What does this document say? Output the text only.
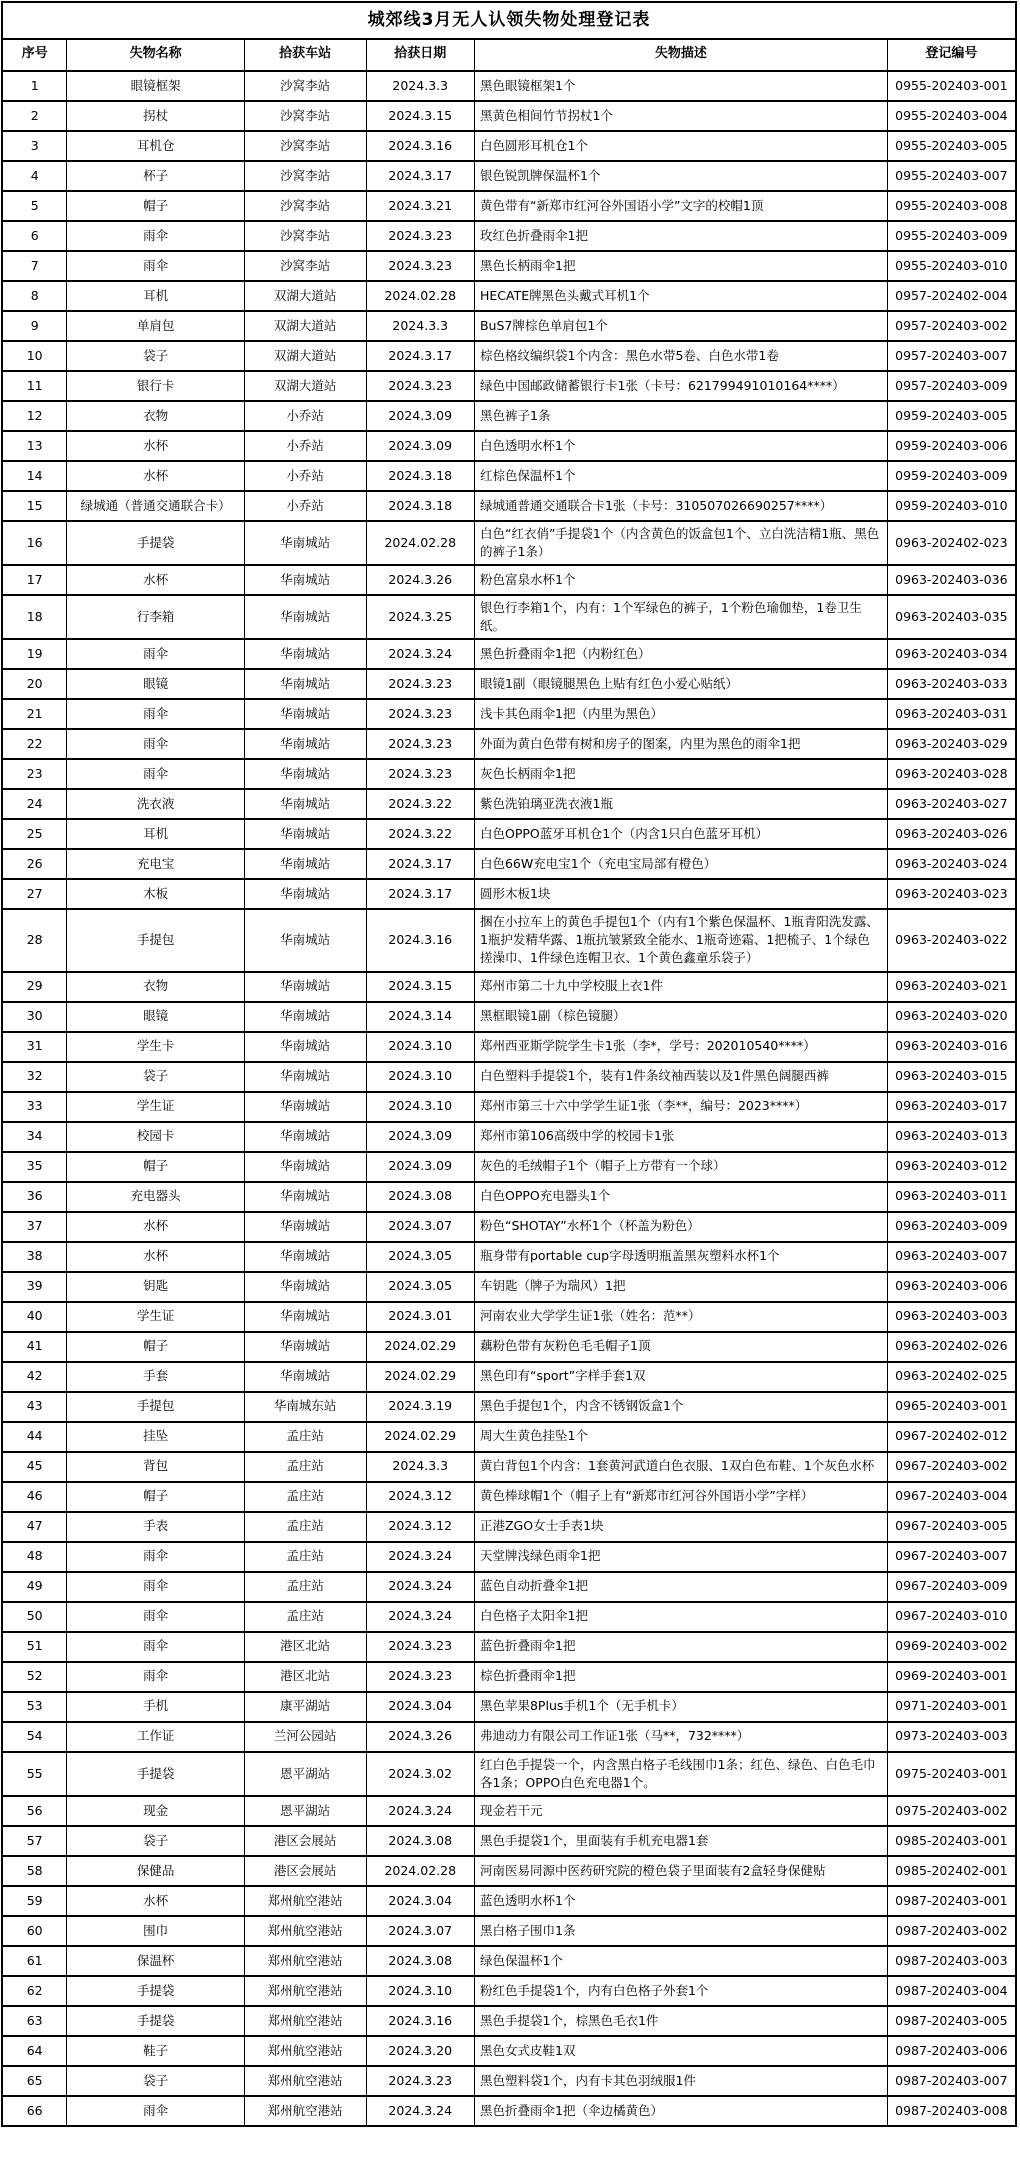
城郊线3月无人认领失物处理登记表					
序号	失物名称	拾获车站	拾获日期	失物描述	登记编号
1	眼镜框架	沙窝李站	2024.3.3	黑色眼镜框架1个	0955-202403-001
2	拐杖	沙窝李站	2024.3.15	黑黄色相间竹节拐杖1个	0955-202403-004
3	耳机仓	沙窝李站	2024.3.16	白色圆形耳机仓1个	0955-202403-005
4	杯子	沙窝李站	2024.3.17	银色锐凯牌保温杯1个	0955-202403-007
5	帽子	沙窝李站	2024.3.21	黄色带有“新郑市红河谷外国语小学”文字的校帽1顶	0955-202403-008
6	雨伞	沙窝李站	2024.3.23	玫红色折叠雨伞1把	0955-202403-009
7	雨伞	沙窝李站	2024.3.23	黑色长柄雨伞1把	0955-202403-010
8	耳机	双湖大道站	2024.02.28	HECATE牌黑色头戴式耳机1个	0957-202402-004
9	单肩包	双湖大道站	2024.3.3	BuS7牌棕色单肩包1个	0957-202403-002
10	袋子	双湖大道站	2024.3.17	棕色格纹编织袋1个内含：黑色水带5卷、白色水带1卷	0957-202403-007
11	银行卡	双湖大道站	2024.3.23	绿色中国邮政储蓄银行卡1张（卡号：621799491010164****）	0957-202403-009
12	衣物	小乔站	2024.3.09	黑色裤子1条	0959-202403-005
13	水杯	小乔站	2024.3.09	白色透明水杯1个	0959-202403-006
14	水杯	小乔站	2024.3.18	红棕色保温杯1个	0959-202403-009
15	绿城通（普通交通联合卡）	小乔站	2024.3.18	绿城通普通交通联合卡1张（卡号：310507026690257****）	0959-202403-010
16	手提袋	华南城站	2024.02.28	白色“红衣俏”手提袋1个（内含黄色的饭盒包1个、立白洗洁精1瓶、黑色的裤子1条）	0963-202402-023
17	水杯	华南城站	2024.3.26	粉色富泉水杯1个	0963-202403-036
18	行李箱	华南城站	2024.3.25	银色行李箱1个，内有：1个军绿色的裤子，1个粉色瑜伽垫，1卷卫生纸。	0963-202403-035
19	雨伞	华南城站	2024.3.24	黑色折叠雨伞1把（内粉红色）	0963-202403-034
20	眼镜	华南城站	2024.3.23	眼镜1副（眼镜腿黑色上贴有红色小爱心贴纸）	0963-202403-033
21	雨伞	华南城站	2024.3.23	浅卡其色雨伞1把（内里为黑色）	0963-202403-031
22	雨伞	华南城站	2024.3.23	外面为黄白色带有树和房子的图案，内里为黑色的雨伞1把	0963-202403-029
23	雨伞	华南城站	2024.3.23	灰色长柄雨伞1把	0963-202403-028
24	洗衣液	华南城站	2024.3.22	紫色洗铂璃亚洗衣液1瓶	0963-202403-027
25	耳机	华南城站	2024.3.22	白色OPPO蓝牙耳机仓1个（内含1只白色蓝牙耳机）	0963-202403-026
26	充电宝	华南城站	2024.3.17	白色66W充电宝1个（充电宝局部有橙色）	0963-202403-024
27	木板	华南城站	2024.3.17	圆形木板1块	0963-202403-023
28	手提包	华南城站	2024.3.16	捆在小拉车上的黄色手提包1个（内有1个紫色保温杯、1瓶青阳洗发露、1瓶护发精华露、1瓶抗皱紧致全能水、1瓶奇迹霜、1把梳子、1个绿色搓澡巾、1件绿色连帽卫衣、1个黄色鑫童乐袋子）	0963-202403-022
29	衣物	华南城站	2024.3.15	郑州市第二十九中学校服上衣1件	0963-202403-021
30	眼镜	华南城站	2024.3.14	黑框眼镜1副（棕色镜腿）	0963-202403-020
31	学生卡	华南城站	2024.3.10	郑州西亚斯学院学生卡1张（李*，学号：202010540****）	0963-202403-016
32	袋子	华南城站	2024.3.10	白色塑料手提袋1个，装有1件条纹袖西装以及1件黑色阔腿西裤	0963-202403-015
33	学生证	华南城站	2024.3.10	郑州市第三十六中学学生证1张（李**，编号：2023****）	0963-202403-017
34	校园卡	华南城站	2024.3.09	郑州市第106高级中学的校园卡1张	0963-202403-013
35	帽子	华南城站	2024.3.09	灰色的毛绒帽子1个（帽子上方带有一个球）	0963-202403-012
36	充电器头	华南城站	2024.3.08	白色OPPO充电器头1个	0963-202403-011
37	水杯	华南城站	2024.3.07	粉色“SHOTAY”水杯1个（杯盖为粉色）	0963-202403-009
38	水杯	华南城站	2024.3.05	瓶身带有portable cup字母透明瓶盖黑灰塑料水杯1个	0963-202403-007
39	钥匙	华南城站	2024.3.05	车钥匙（牌子为瑞风）1把	0963-202403-006
40	学生证	华南城站	2024.3.01	河南农业大学学生证1张（姓名：范**）	0963-202403-003
41	帽子	华南城站	2024.02.29	藕粉色带有灰粉色毛毛帽子1顶	0963-202402-026
42	手套	华南城站	2024.02.29	黑色印有“sport”字样手套1双	0963-202402-025
43	手提包	华南城东站	2024.3.19	黑色手提包1个，内含不锈钢饭盒1个	0965-202403-001
44	挂坠	孟庄站	2024.02.29	周大生黄色挂坠1个	0967-202402-012
45	背包	孟庄站	2024.3.3	黄白背包1个内含：1套黄河武道白色衣服、1双白色布鞋、1个灰色水杯	0967-202403-002
46	帽子	孟庄站	2024.3.12	黄色棒球帽1个（帽子上有“新郑市红河谷外国语小学”字样）	0967-202403-004
47	手表	孟庄站	2024.3.12	正港ZGO女士手表1块	0967-202403-005
48	雨伞	孟庄站	2024.3.24	天堂牌浅绿色雨伞1把	0967-202403-007
49	雨伞	孟庄站	2024.3.24	蓝色自动折叠伞1把	0967-202403-009
50	雨伞	孟庄站	2024.3.24	白色格子太阳伞1把	0967-202403-010
51	雨伞	港区北站	2024.3.23	蓝色折叠雨伞1把	0969-202403-002
52	雨伞	港区北站	2024.3.23	棕色折叠雨伞1把	0969-202403-001
53	手机	康平湖站	2024.3.04	黑色苹果8Plus手机1个（无手机卡）	0971-202403-001
54	工作证	兰河公园站	2024.3.26	弗迪动力有限公司工作证1张（马**，732****）	0973-202403-003
55	手提袋	恩平湖站	2024.3.02	红白色手提袋一个，内含黑白格子毛线围巾1条；红色、绿色、白色毛巾各1条；OPPO白色充电器1个。	0975-202403-001
56	现金	恩平湖站	2024.3.24	现金若干元	0975-202403-002
57	袋子	港区会展站	2024.3.08	黑色手提袋1个，里面装有手机充电器1套	0985-202403-001
58	保健品	港区会展站	2024.02.28	河南医易同源中医药研究院的橙色袋子里面装有2盒轻身保健贴	0985-202402-001
59	水杯	郑州航空港站	2024.3.04	蓝色透明水杯1个	0987-202403-001
60	围巾	郑州航空港站	2024.3.07	黑白格子围巾1条	0987-202403-002
61	保温杯	郑州航空港站	2024.3.08	绿色保温杯1个	0987-202403-003
62	手提袋	郑州航空港站	2024.3.10	粉红色手提袋1个，内有白色格子外套1个	0987-202403-004
63	手提袋	郑州航空港站	2024.3.16	黑色手提袋1个，棕黑色毛衣1件	0987-202403-005
64	鞋子	郑州航空港站	2024.3.20	黑色女式皮鞋1双	0987-202403-006
65	袋子	郑州航空港站	2024.3.23	黑色塑料袋1个，内有卡其色羽绒服1件	0987-202403-007
66	雨伞	郑州航空港站	2024.3.24	黑色折叠雨伞1把（伞边橘黄色）	0987-202403-008
